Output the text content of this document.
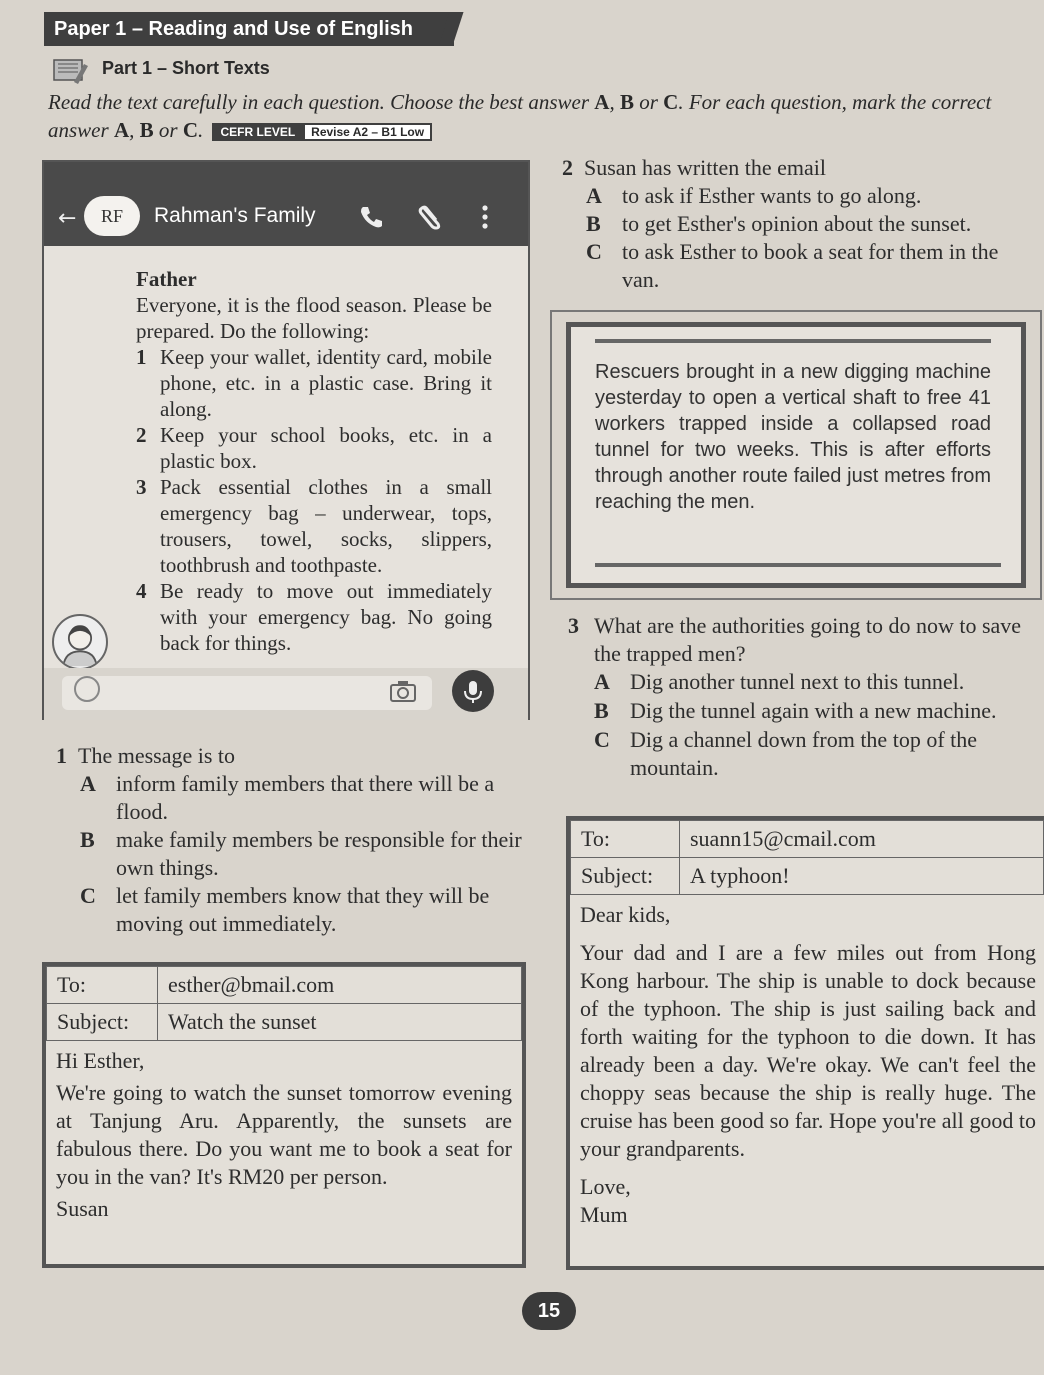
Paper 1 – Reading and Use of English
Part 1 – Short Texts
Read the text carefully in each question. Choose the best answer A, B or C. For each question, mark the correct answer A, B or C. CEFR LEVEL Revise A2 – B1 Low
←	RF	Rahman's Family
Father
Everyone, it is the flood season. Please be prepared. Do the following:
1 Keep your wallet, identity card, mobile phone, etc. in a plastic case. Bring it along.
2 Keep your school books, etc. in a plastic box.
3 Pack essential clothes in a small emergency bag – underwear, tops, trousers, towel, socks, slippers, toothbrush and toothpaste.
4 Be ready to move out immediately with your emergency bag. No going back for things.
1 The message is to
A inform family members that there will be a flood.
B make family members be responsible for their own things.
C let family members know that they will be moving out immediately.
To:	esther@bmail.com
Subject:	Watch the sunset
Hi Esther,
We're going to watch the sunset tomorrow evening at Tanjung Aru. Apparently, the sunsets are fabulous there. Do you want me to book a seat for you in the van? It's RM20 per person.
Susan
2 Susan has written the email
A to ask if Esther wants to go along.
B to get Esther's opinion about the sunset.
C to ask Esther to book a seat for them in the van.
Rescuers brought in a new digging machine yesterday to open a vertical shaft to free 41 workers trapped inside a collapsed road tunnel for two weeks. This is after efforts through another route failed just metres from reaching the men.
3 What are the authorities going to do now to save the trapped men?
A Dig another tunnel next to this tunnel.
B Dig the tunnel again with a new machine.
C Dig a channel down from the top of the mountain.
To:	suann15@cmail.com
Subject:	A typhoon!
Dear kids,
Your dad and I are a few miles out from Hong Kong harbour. The ship is unable to dock because of the typhoon. The ship is just sailing back and forth waiting for the typhoon to die down. It has already been a day. We're okay. We can't feel the choppy seas because the ship is really huge. The cruise has been good so far. Hope you're all good to your grandparents.
Love,
Mum
15
